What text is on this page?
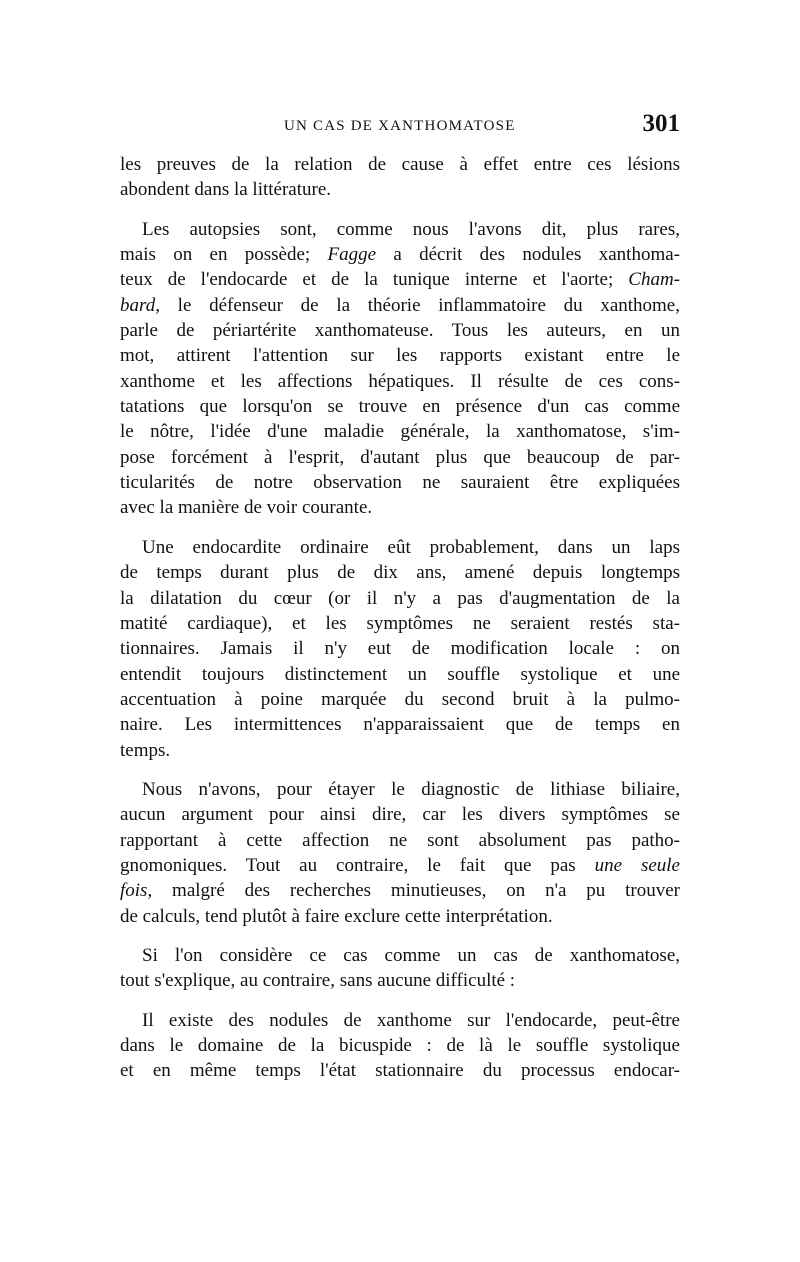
UN CAS DE XANTHOMATOSE	301

les preuves de la relation de cause à effet entre ces lésions
abondent dans la littérature.

Les autopsies sont, comme nous l'avons dit, plus rares,
mais on en possède; Fagge a décrit des nodules xanthoma-
teux de l'endocarde et de la tunique interne et l'aorte; Cham-
bard, le défenseur de la théorie inflammatoire du xanthome,
parle de périartérite xanthomateuse. Tous les auteurs, en un
mot, attirent l'attention sur les rapports existant entre le
xanthome et les affections hépatiques. Il résulte de ces cons-
tatations que lorsqu'on se trouve en présence d'un cas comme
le nôtre, l'idée d'une maladie générale, la xanthomatose, s'im-
pose forcément à l'esprit, d'autant plus que beaucoup de par-
ticularités de notre observation ne sauraient être expliquées
avec la manière de voir courante.

Une endocardite ordinaire eût probablement, dans un laps
de temps durant plus de dix ans, amené depuis longtemps
la dilatation du cœur (or il n'y a pas d'augmentation de la
matité cardiaque), et les symptômes ne seraient restés sta-
tionnaires. Jamais il n'y eut de modification locale : on
entendit toujours distinctement un souffle systolique et une
accentuation à poine marquée du second bruit à la pulmo-
naire. Les intermittences n'apparaissaient que de temps en
temps.

Nous n'avons, pour étayer le diagnostic de lithiase biliaire,
aucun argument pour ainsi dire, car les divers symptômes se
rapportant à cette affection ne sont absolument pas patho-
gnomoniques. Tout au contraire, le fait que pas une seule
fois, malgré des recherches minutieuses, on n'a pu trouver
de calculs, tend plutôt à faire exclure cette interprétation.

Si l'on considère ce cas comme un cas de xanthomatose,
tout s'explique, au contraire, sans aucune difficulté :

Il existe des nodules de xanthome sur l'endocarde, peut-être
dans le domaine de la bicuspide : de là le souffle systolique
et en même temps l'état stationnaire du processus endocar-
